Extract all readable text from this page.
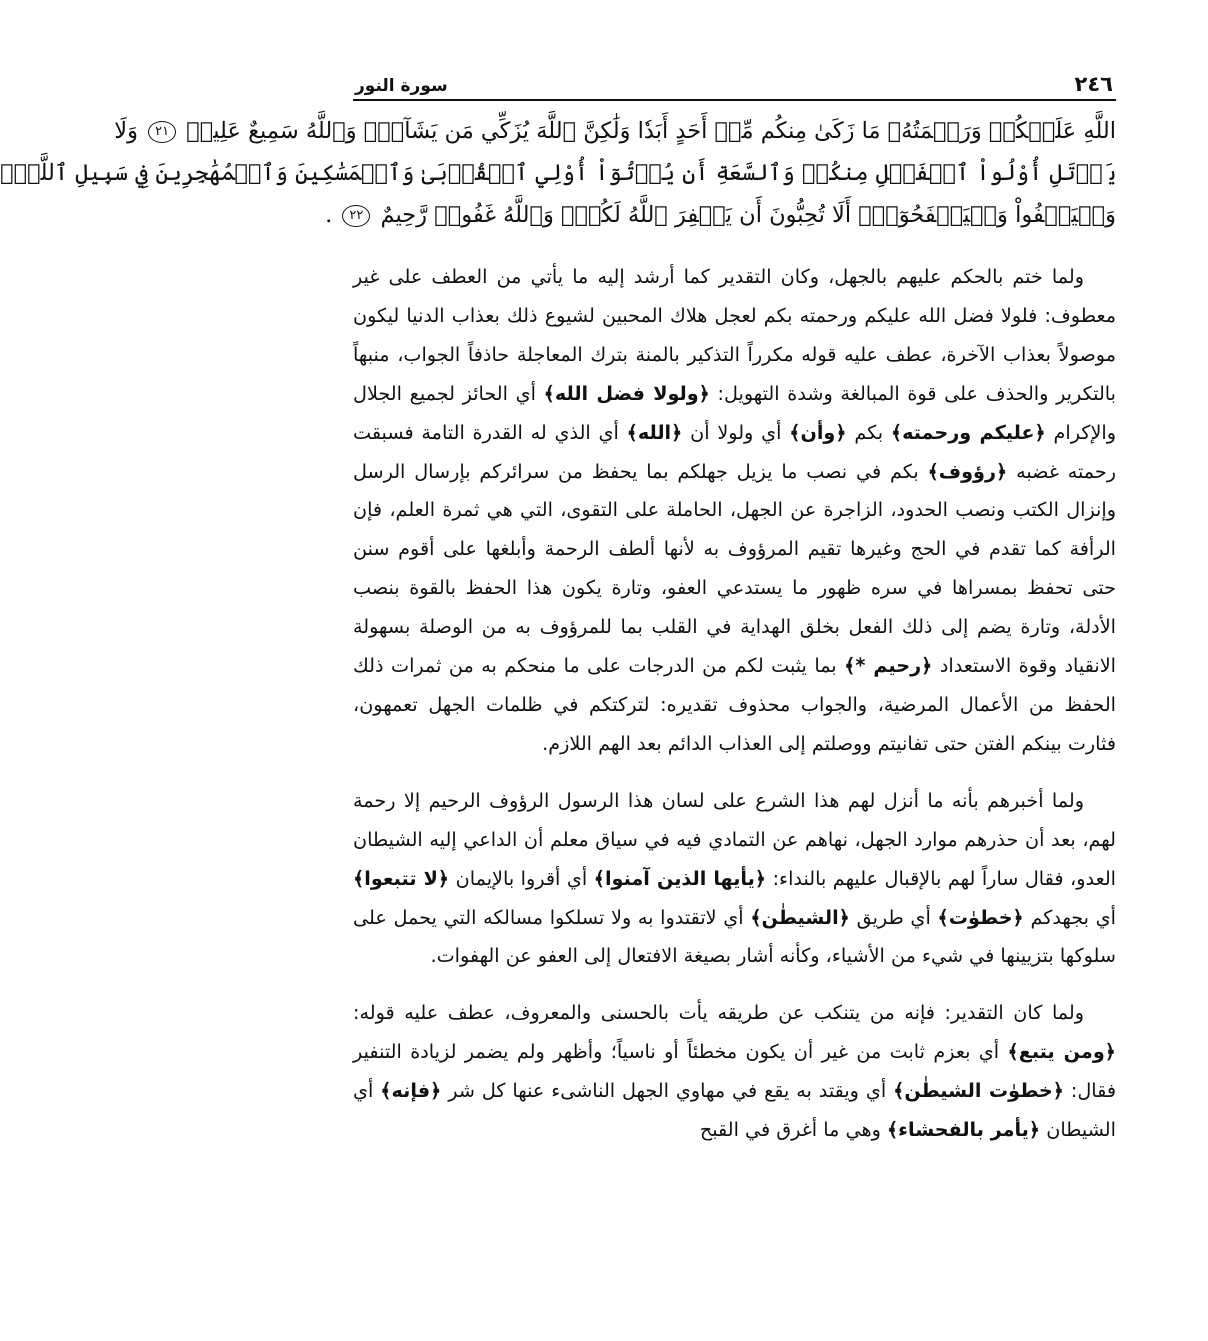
٢٤٦
سورة النور
اللَّهِ عَلَيۡكُمۡ وَرَحۡمَتُهُۥ مَا زَكَىٰ مِنكُم مِّنۡ أَحَدٍ أَبَدٗا وَلَٰكِنَّ ٱللَّهَ يُزَكِّي مَن يَشَآءُۗ وَٱللَّهُ سَمِيعٌ عَلِيمٞ ٢١ وَلَا
يَأۡتَلِ أُوْلُواْ ٱلۡفَضۡلِ مِنكُمۡ وَٱلسَّعَةِ أَن يُؤۡتُوٓاْ أُوْلِي ٱلۡقُرۡبَىٰ وَٱلۡمَسَٰكِينَ وَٱلۡمُهَٰجِرِينَ فِي سَبِيلِ ٱللَّهِۖ
وَلۡيَعۡفُواْ وَلۡيَصۡفَحُوٓاْۗ أَلَا تُحِبُّونَ أَن يَغۡفِرَ ٱللَّهُ لَكُمۡۚ وَٱللَّهُ غَفُورٞ رَّحِيمٌ ٢٢ .

ولما ختم بالحكم عليهم بالجهل، وكان التقدير كما أرشد إليه ما يأتي من العطف على غير معطوف: فلولا فضل الله عليكم ورحمته بكم لعجل هلاك المحبين لشيوع ذلك بعذاب الدنيا ليكون موصولاً بعذاب الآخرة، عطف عليه قوله مكرراً التذكير بالمنة بترك المعاجلة حاذفاً الجواب، منبهاً بالتكرير والحذف على قوة المبالغة وشدة التهويل: ﴿ولولا فضل الله﴾ أي الحائز لجميع الجلال والإكرام ﴿عليكم ورحمته﴾ بكم ﴿وأن﴾ أي ولولا أن ﴿الله﴾ أي الذي له القدرة التامة فسبقت رحمته غضبه ﴿رؤوف﴾ بكم في نصب ما يزيل جهلكم بما يحفظ من سرائركم بإرسال الرسل وإنزال الكتب ونصب الحدود، الزاجرة عن الجهل، الحاملة على التقوى، التي هي ثمرة العلم، فإن الرأفة كما تقدم في الحج وغيرها تقيم المرؤوف به لأنها ألطف الرحمة وأبلغها على أقوم سنن حتى تحفظ بمسراها في سره ظهور ما يستدعي العفو، وتارة يكون هذا الحفظ بالقوة بنصب الأدلة، وتارة يضم إلى ذلك الفعل بخلق الهداية في القلب بما للمرؤوف به من الوصلة بسهولة الانقياد وقوة الاستعداد ﴿رحيم *﴾ بما يثبت لكم من الدرجات على ما منحكم به من ثمرات ذلك الحفظ من الأعمال المرضية، والجواب محذوف تقديره: لتركتكم في ظلمات الجهل تعمهون، فثارت بينكم الفتن حتى تفانيتم ووصلتم إلى العذاب الدائم بعد الهم اللازم.

ولما أخبرهم بأنه ما أنزل لهم هذا الشرع على لسان هذا الرسول الرؤوف الرحيم إلا رحمة لهم، بعد أن حذرهم موارد الجهل، نهاهم عن التمادي فيه في سياق معلم أن الداعي إليه الشيطان العدو، فقال ساراً لهم بالإقبال عليهم بالنداء: ﴿يأيها الذين آمنوا﴾ أي أقروا بالإيمان ﴿لا تتبعوا﴾ أي بجهدكم ﴿خطوٰت﴾ أي طريق ﴿الشيطٰن﴾ أي لاتقتدوا به ولا تسلكوا مسالكه التي يحمل على سلوكها بتزيينها في شيء من الأشياء، وكأنه أشار بصيغة الافتعال إلى العفو عن الهفوات.

ولما كان التقدير: فإنه من يتنكب عن طريقه يأت بالحسنى والمعروف، عطف عليه قوله: ﴿ومن يتبع﴾ أي بعزم ثابت من غير أن يكون مخطئاً أو ناسياً؛ وأظهر ولم يضمر لزيادة التنفير فقال: ﴿خطوٰت الشيطٰن﴾ أي ويقتد به يقع في مهاوي الجهل الناشىء عنها كل شر ﴿فإنه﴾ أي الشيطان ﴿يأمر بالفحشاء﴾ وهي ما أغرق في القبح
